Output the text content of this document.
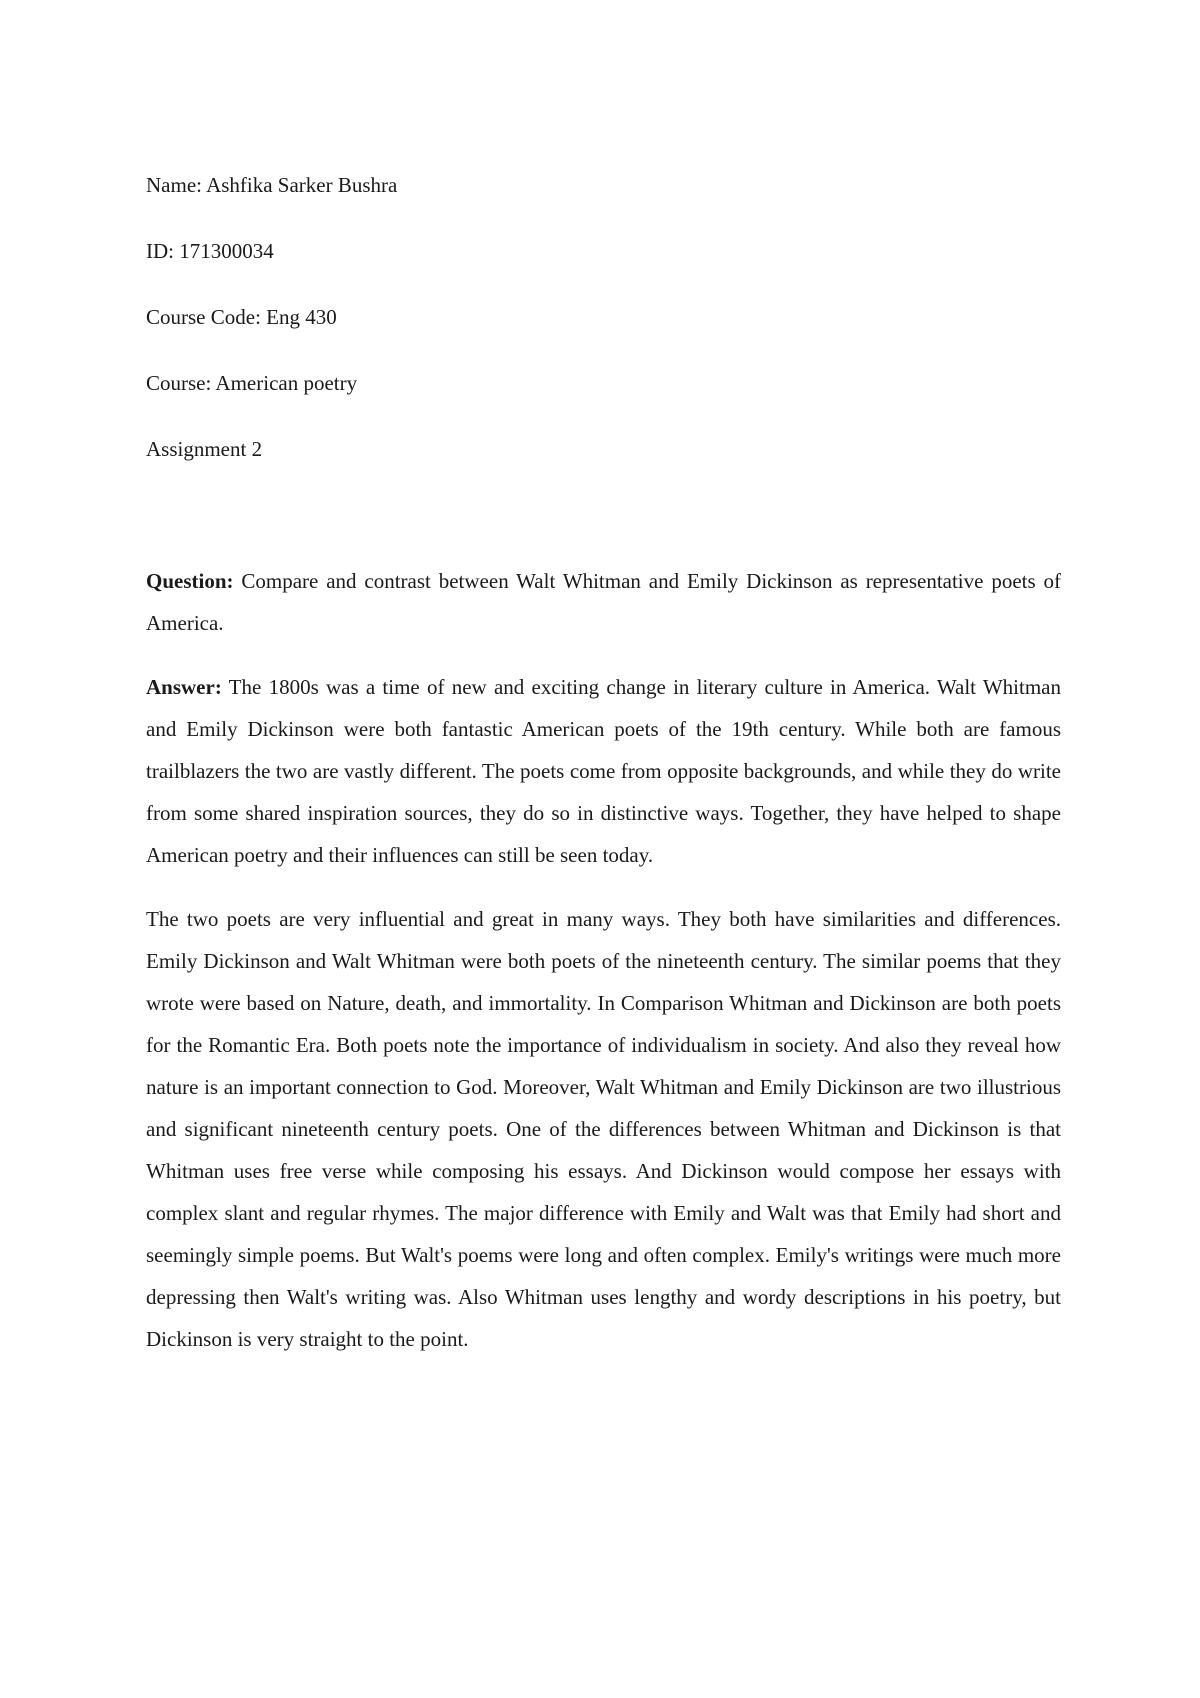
Name: Ashfika Sarker Bushra
ID: 171300034
Course Code: Eng 430
Course: American poetry
Assignment 2

Question: Compare and contrast between Walt Whitman and Emily Dickinson as representative poets of America.

Answer: The 1800s was a time of new and exciting change in literary culture in America. Walt Whitman and Emily Dickinson were both fantastic American poets of the 19th century. While both are famous trailblazers the two are vastly different. The poets come from opposite backgrounds, and while they do write from some shared inspiration sources, they do so in distinctive ways. Together, they have helped to shape American poetry and their influences can still be seen today.

The two poets are very influential and great in many ways. They both have similarities and differences. Emily Dickinson and Walt Whitman were both poets of the nineteenth century. The similar poems that they wrote were based on Nature, death, and immortality. In Comparison Whitman and Dickinson are both poets for the Romantic Era. Both poets note the importance of individualism in society. And also they reveal how nature is an important connection to God. Moreover, Walt Whitman and Emily Dickinson are two illustrious and significant nineteenth century poets. One of the differences between Whitman and Dickinson is that Whitman uses free verse while composing his essays. And Dickinson would compose her essays with complex slant and regular rhymes. The major difference with Emily and Walt was that Emily had short and seemingly simple poems. But Walt's poems were long and often complex. Emily's writings were much more depressing then Walt's writing was. Also Whitman uses lengthy and wordy descriptions in his poetry, but Dickinson is very straight to the point.
